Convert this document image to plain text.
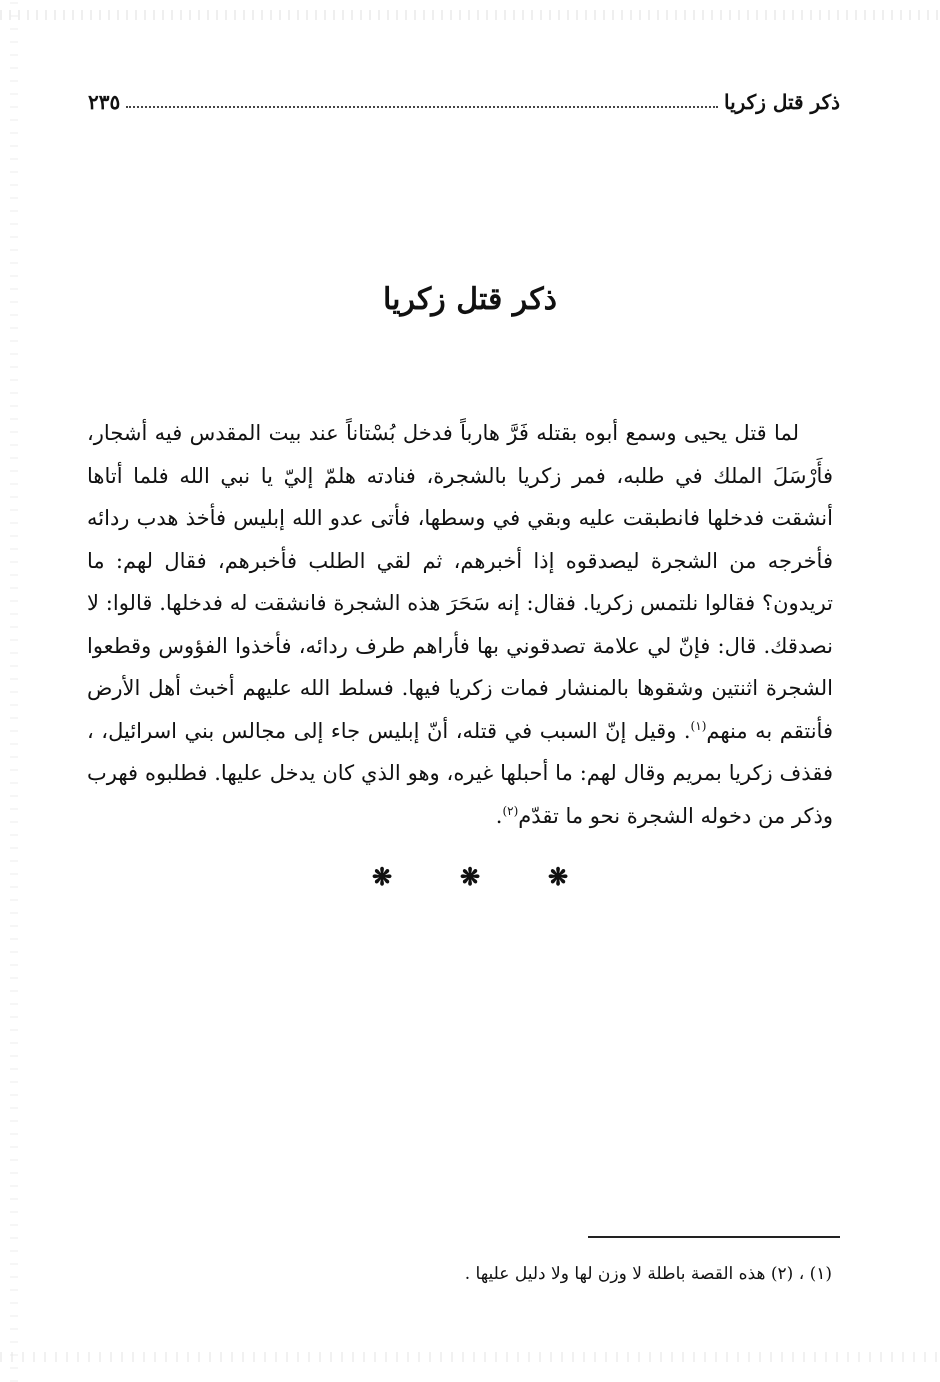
ذكر قتل زكريا
٢٣٥
ذكر قتل زكريا

لما قتل يحيى وسمع أبوه بقتله فَرَّ هارباً فدخل بُسْتاناً عند بيت المقدس فيه أشجار، فأَرْسَلَ الملك في طلبه، فمر زكريا بالشجرة، فنادته هلمّ إليّ يا نبي الله فلما أتاها أنشقت فدخلها فانطبقت عليه وبقي في وسطها، فأتى عدو الله إبليس فأخذ هدب ردائه فأخرجه من الشجرة ليصدقوه إذا أخبرهم، ثم لقي الطلب فأخبرهم، فقال لهم: ما تريدون؟ فقالوا نلتمس زكريا. فقال: إنه سَحَرَ هذه الشجرة فانشقت له فدخلها. قالوا: لا نصدقك. قال: فإنّ لي علامة تصدقوني بها فأراهم طرف ردائه، فأخذوا الفؤوس وقطعوا الشجرة اثنتين وشقوها بالمنشار فمات زكريا فيها. فسلط الله عليهم أخبث أهل الأرض فأنتقم به منهم$^{(١)}$. وقيل إنّ السبب في قتله، أنّ إبليس جاء إلى مجالس بني اسرائيل، ، فقذف زكريا بمريم وقال لهم: ما أحبلها غيره، وهو الذي كان يدخل عليها. فطلبوه فهرب وذكر من دخوله الشجرة نحو ما تقدّم$^{(٢)}$.

❋
❋
❋
(١) ، (٢) هذه القصة باطلة لا وزن لها ولا دليل عليها .
